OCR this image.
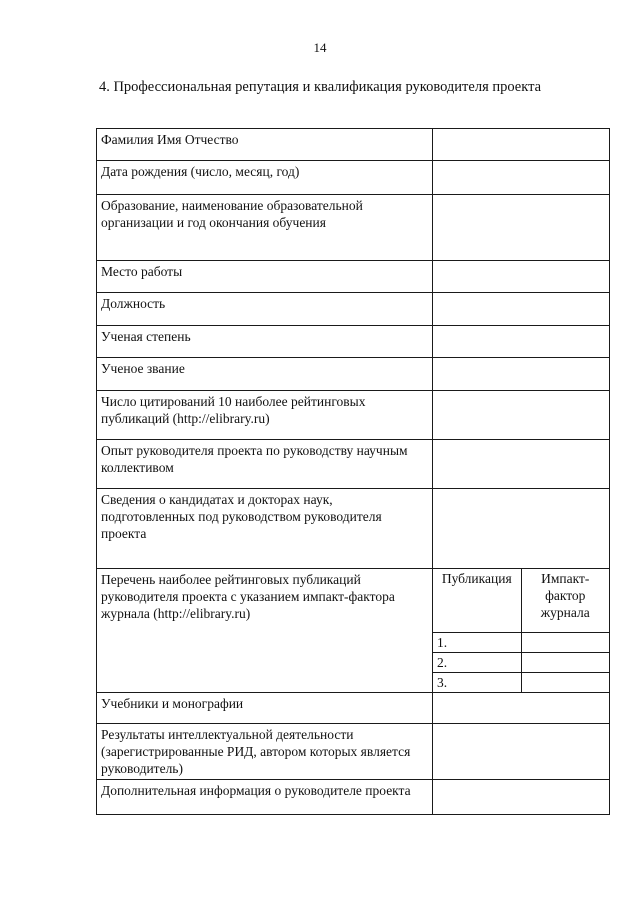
14
4. Профессиональная репутация и квалификация руководителя проекта
Фамилия Имя Отчество	
Дата рождения (число, месяц, год)	
Образование, наименование образовательной организации и год окончания обучения	
Место работы	
Должность	
Ученая степень	
Ученое звание	
Число цитирований 10 наиболее рейтинговых публикаций (http://elibrary.ru)	
Опыт руководителя проекта по руководству научным коллективом	
Сведения о кандидатах и докторах наук, подготовленных под руководством руководителя проекта	
Перечень наиболее рейтинговых публикаций руководителя проекта с указанием импакт-фактора журнала (http://elibrary.ru)	
Публикация	Импакт-фактор журнала
1.	
2.	
3.	

Учебники и монографии	
Результаты интеллектуальной деятельности (зарегистрированные РИД, автором которых является руководитель)	
Дополнительная информация о руководителе проекта	
